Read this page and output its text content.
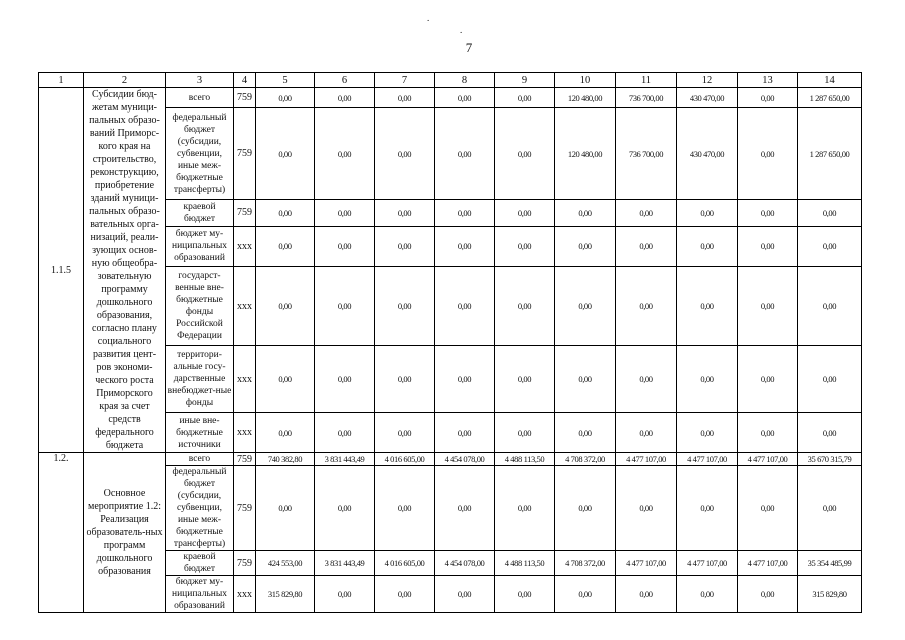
.
.
7
1	2	3	4	5	6	7	8	9	10	11	12	13	14
1.1.5	Субсидии бюд-жетам муници-пальных образо-ваний Приморс-кого края на строительство, реконструкцию, приобретение зданий муници-пальных образо-вательных орга-низаций, реали-зующих основ-ную общеобра-зовательную программу дошкольного образования, согласно плану социального развития цент-ров экономи-ческого роста Приморского края за счет средств федерального бюджета	всего	759	0,00	0,00	0,00	0,00	0,00	120 480,00	736 700,00	430 470,00	0,00	1 287 650,00
		федеральный бюджет (субсидии, субвенции, иные меж-бюджетные трансферты)	759	0,00	0,00	0,00	0,00	0,00	120 480,00	736 700,00	430 470,00	0,00	1 287 650,00
		краевой бюджет	759	0,00	0,00	0,00	0,00	0,00	0,00	0,00	0,00	0,00	0,00
		бюджет му-ниципальных образований	ххх	0,00	0,00	0,00	0,00	0,00	0,00	0,00	0,00	0,00	0,00
		государст-венные вне-бюджетные фонды Российской Федерации	ххх	0,00	0,00	0,00	0,00	0,00	0,00	0,00	0,00	0,00	0,00
		территори-альные госу-дарственные внебюджет-ные фонды	ххх	0,00	0,00	0,00	0,00	0,00	0,00	0,00	0,00	0,00	0,00
		иные вне-бюджетные источники	ххх	0,00	0,00	0,00	0,00	0,00	0,00	0,00	0,00	0,00	0,00
1.2.	Основное мероприятие 1.2: Реализация образователь-ных программ дошкольного образования	всего	759	740 382,80	3 831 443,49	4 016 605,00	4 454 078,00	4 488 113,50	4 708 372,00	4 477 107,00	4 477 107,00	4 477 107,00	35 670 315,79
		федеральный бюджет (субсидии, субвенции, иные меж-бюджетные трансферты)	759	0,00	0,00	0,00	0,00	0,00	0,00	0,00	0,00	0,00	0,00
		краевой бюджет	759	424 553,00	3 831 443,49	4 016 605,00	4 454 078,00	4 488 113,50	4 708 372,00	4 477 107,00	4 477 107,00	4 477 107,00	35 354 485,99
		бюджет му-ниципальных образований	ххх	315 829,80	0,00	0,00	0,00	0,00	0,00	0,00	0,00	0,00	315 829,80
